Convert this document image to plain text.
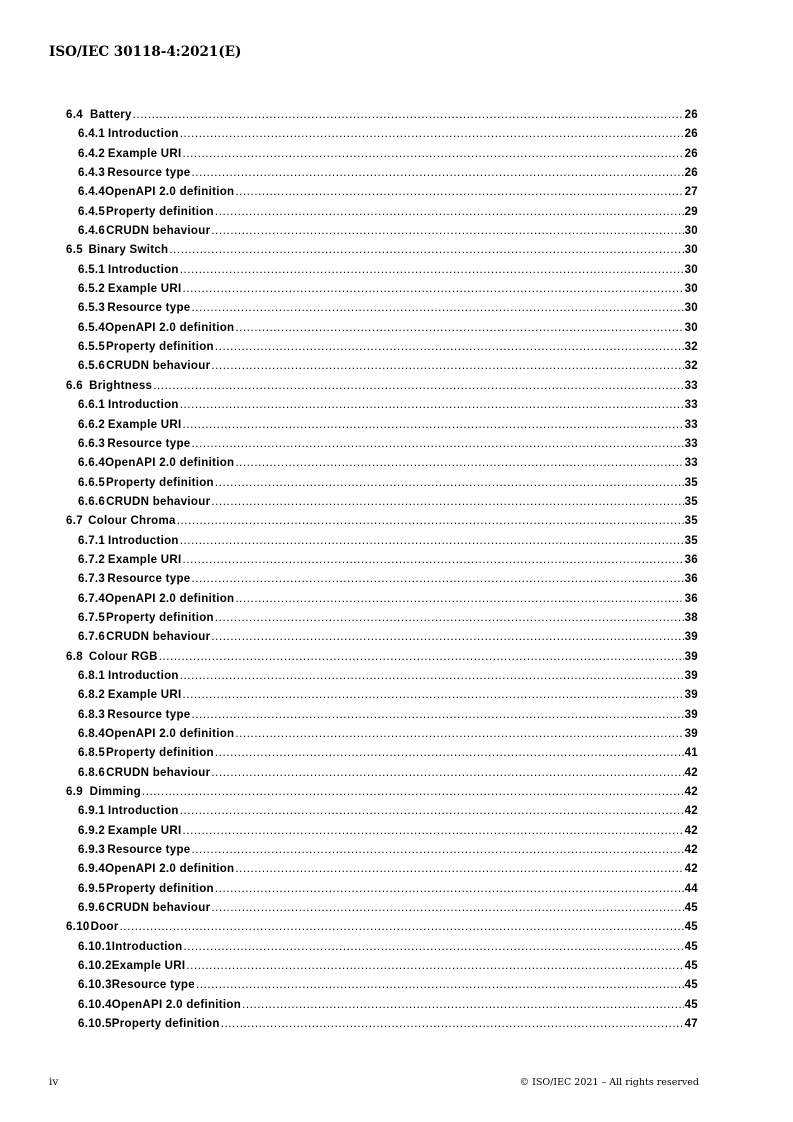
ISO/IEC 30118-4:2021(E)
6.4 Battery .....	26
6.4.1 Introduction .....	26
6.4.2 Example URI .....	26
6.4.3 Resource type .....	26
6.4.4 OpenAPI 2.0 definition .....	27
6.4.5 Property definition .....	29
6.4.6 CRUDN behaviour .....	30
6.5 Binary Switch .....	30
6.5.1 Introduction .....	30
6.5.2 Example URI .....	30
6.5.3 Resource type .....	30
6.5.4 OpenAPI 2.0 definition .....	30
6.5.5 Property definition .....	32
6.5.6 CRUDN behaviour .....	32
6.6 Brightness .....	33
6.6.1 Introduction .....	33
6.6.2 Example URI .....	33
6.6.3 Resource type .....	33
6.6.4 OpenAPI 2.0 definition .....	33
6.6.5 Property definition .....	35
6.6.6 CRUDN behaviour .....	35
6.7 Colour Chroma .....	35
6.7.1 Introduction .....	35
6.7.2 Example URI .....	36
6.7.3 Resource type .....	36
6.7.4 OpenAPI 2.0 definition .....	36
6.7.5 Property definition .....	38
6.7.6 CRUDN behaviour .....	39
6.8 Colour RGB .....	39
6.8.1 Introduction .....	39
6.8.2 Example URI .....	39
6.8.3 Resource type .....	39
6.8.4 OpenAPI 2.0 definition .....	39
6.8.5 Property definition .....	41
6.8.6 CRUDN behaviour .....	42
6.9 Dimming .....	42
6.9.1 Introduction .....	42
6.9.2 Example URI .....	42
6.9.3 Resource type .....	42
6.9.4 OpenAPI 2.0 definition .....	42
6.9.5 Property definition .....	44
6.9.6 CRUDN behaviour .....	45
6.10 Door .....	45
6.10.1 Introduction .....	45
6.10.2 Example URI .....	45
6.10.3 Resource type .....	45
6.10.4 OpenAPI 2.0 definition .....	45
6.10.5 Property definition .....	47
iv	© ISO/IEC 2021 – All rights reserved
